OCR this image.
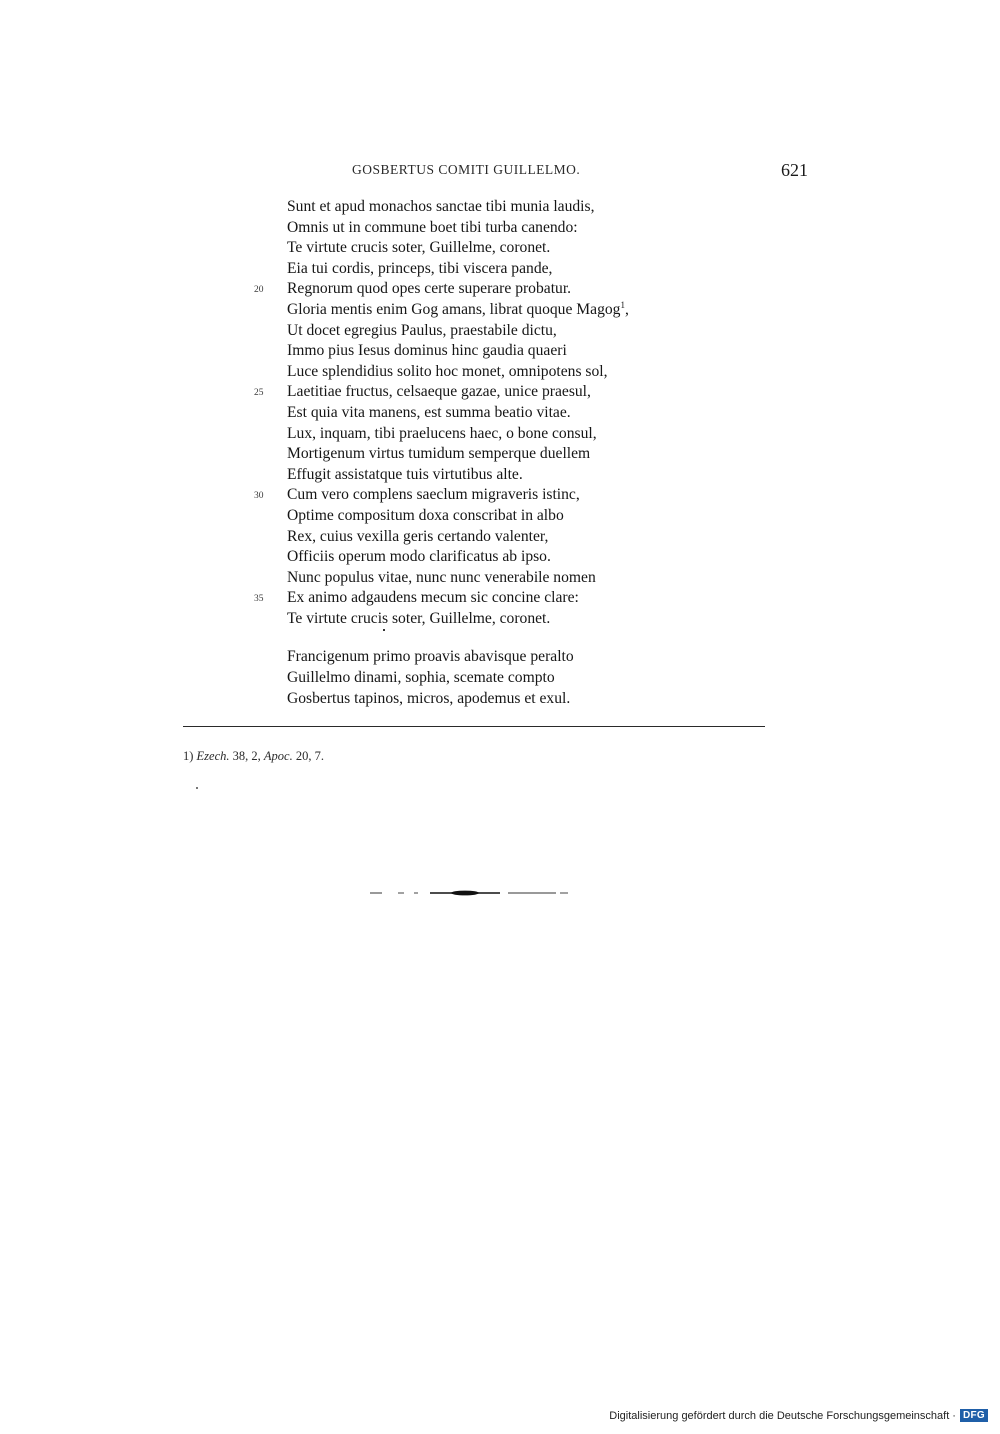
GOSBERTUS COMITI GUILLELMO.	621
Sunt et apud monachos sanctae tibi munia laudis,
Omnis ut in commune boet tibi turba canendo:
Te virtute crucis soter, Guillelme, coronet.
Eia tui cordis, princeps, tibi viscera pande,
20 Regnorum quod opes certe superare probatur.
Gloria mentis enim Gog amans, librat quoque Magog$^1$,
Ut docet egregius Paulus, praestabile dictu,
Immo pius Iesus dominus hinc gaudia quaeri
Luce splendidius solito hoc monet, omnipotens sol,
25 Laetitiae fructus, celsaeque gazae, unice praesul,
Est quia vita manens, est summa beatio vitae.
Lux, inquam, tibi praelucens haec, o bone consul,
Mortigenum virtus tumidum semperque duellem
Effugit assistatque tuis virtutibus alte.
30 Cum vero complens saeclum migraveris istinc,
Optime compositum doxa conscribat in albo
Rex, cuius vexilla geris certando valenter,
Officiis operum modo clarificatus ab ipso.
Nunc populus vitae, nunc nunc venerabile nomen
35 Ex animo adgaudens mecum sic concine clare:
Te virtute crucis soter, Guillelme, coronet.
Francigenum primo proavis abavisque peralto
Guillelmo dinami, sophia, scemate compto
Gosbertus tapinos, micros, apodemus et exul.
1) Ezech. 38, 2, Apoc. 20, 7.
Digitalisierung gefördert durch die Deutsche Forschungsgemeinschaft · DFG
